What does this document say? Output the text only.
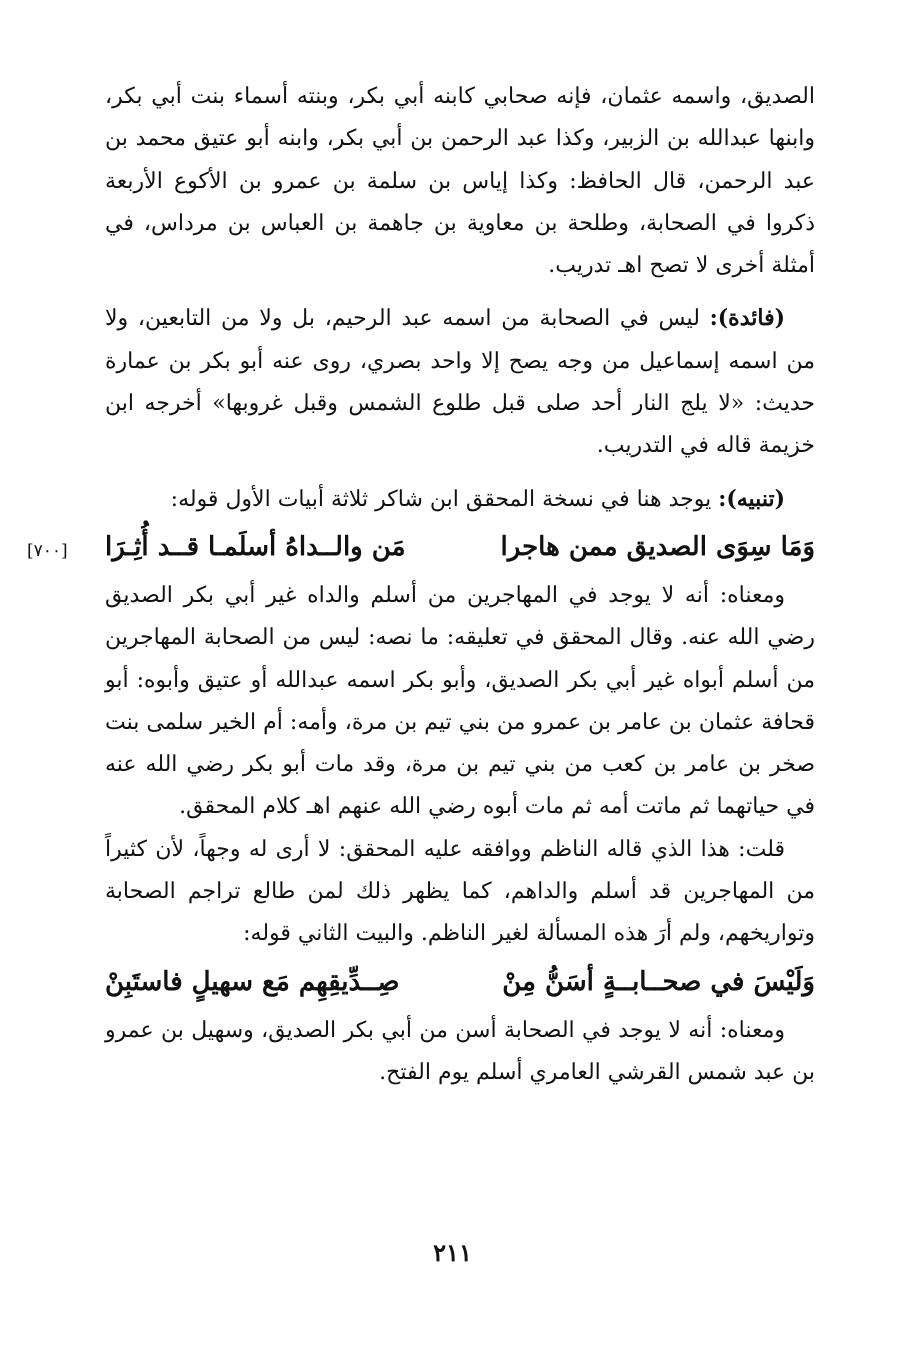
الصديق، واسمه عثمان، فإنه صحابي كابنه أبي بكر، وبنته أسماء بنت أبي بكر، وابنها عبدالله بن الزبير، وكذا عبد الرحمن بن أبي بكر، وابنه أبو عتيق محمد بن عبد الرحمن، قال الحافظ: وكذا إياس بن سلمة بن عمرو بن الأكوع الأربعة ذكروا في الصحابة، وطلحة بن معاوية بن جاهمة بن العباس بن مرداس، في أمثلة أخرى لا تصح اهـ تدريب.

(فائدة): ليس في الصحابة من اسمه عبد الرحيم، بل ولا من التابعين، ولا من اسمه إسماعيل من وجه يصح إلا واحد بصري، روى عنه أبو بكر بن عمارة حديث: «لا يلج النار أحد صلى قبل طلوع الشمس وقبل غروبها» أخرجه ابن خزيمة قاله في التدريب.

(تنبيه): يوجد هنا في نسخة المحقق ابن شاكر ثلاثة أبيات الأول قوله:

وَمَا سِوَى الصديق ممن هاجرا
مَن والــداهُ أسلَمـا قــد أُثِـرَا
[٧٠٠]

ومعناه: أنه لا يوجد في المهاجرين من أسلم والداه غير أبي بكر الصديق رضي الله عنه. وقال المحقق في تعليقه: ما نصه: ليس من الصحابة المهاجرين من أسلم أبواه غير أبي بكر الصديق، وأبو بكر اسمه عبدالله أو عتيق وأبوه: أبو قحافة عثمان بن عامر بن عمرو من بني تيم بن مرة، وأمه: أم الخير سلمى بنت صخر بن عامر بن كعب من بني تيم بن مرة، وقد مات أبو بكر رضي الله عنه في حياتهما ثم ماتت أمه ثم مات أبوه رضي الله عنهم اهـ كلام المحقق.

قلت: هذا الذي قاله الناظم ووافقه عليه المحقق: لا أرى له وجهاً، لأن كثيراً من المهاجرين قد أسلم والداهم، كما يظهر ذلك لمن طالع تراجم الصحابة وتواريخهم، ولم أرَ هذه المسألة لغير الناظم. والبيت الثاني قوله:

وَلَيْسَ في صحــابــةٍ أسَنُّ مِنْ
صِــدِّيقِهِم مَع سهيلٍ فاستَبِنْ

ومعناه: أنه لا يوجد في الصحابة أسن من أبي بكر الصديق، وسهيل بن عمرو بن عبد شمس القرشي العامري أسلم يوم الفتح.

٢١١
